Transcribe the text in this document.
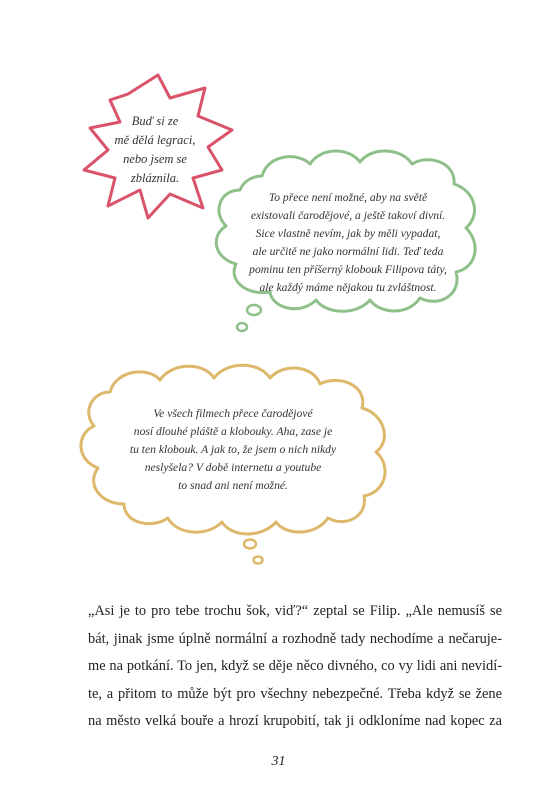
Buď si ze
mě dělá legraci,
nebo jsem se
zbláznila.
To přece není možné, aby na světě
existovali čarodějové, a ještě takoví divní.
Sice vlastně nevím, jak by měli vypadat,
ale určitě ne jako normální lidi. Teď teda
pominu ten příšerný klobouk Filipova táty,
ale každý máme nějakou tu zvláštnost.
Ve všech filmech přece čarodějové
nosí dlouhé pláště a klobouky. Aha, zase je
tu ten klobouk. A jak to, že jsem o nich nikdy
neslyšela? V době internetu a youtube
to snad ani není možné.
„Asi je to pro tebe trochu šok, viď?“ zeptal se Filip. „Ale nemusíš se
bát, jinak jsme úplně normální a rozhodně tady nechodíme a nečaruje-
me na potkání. To jen, když se děje něco divného, co vy lidi ani nevidí-
te, a přitom to může být pro všechny nebezpečné. Třeba když se žene
na město velká bouře a hrozí krupobití, tak ji odkloníme nad kopec za
31
